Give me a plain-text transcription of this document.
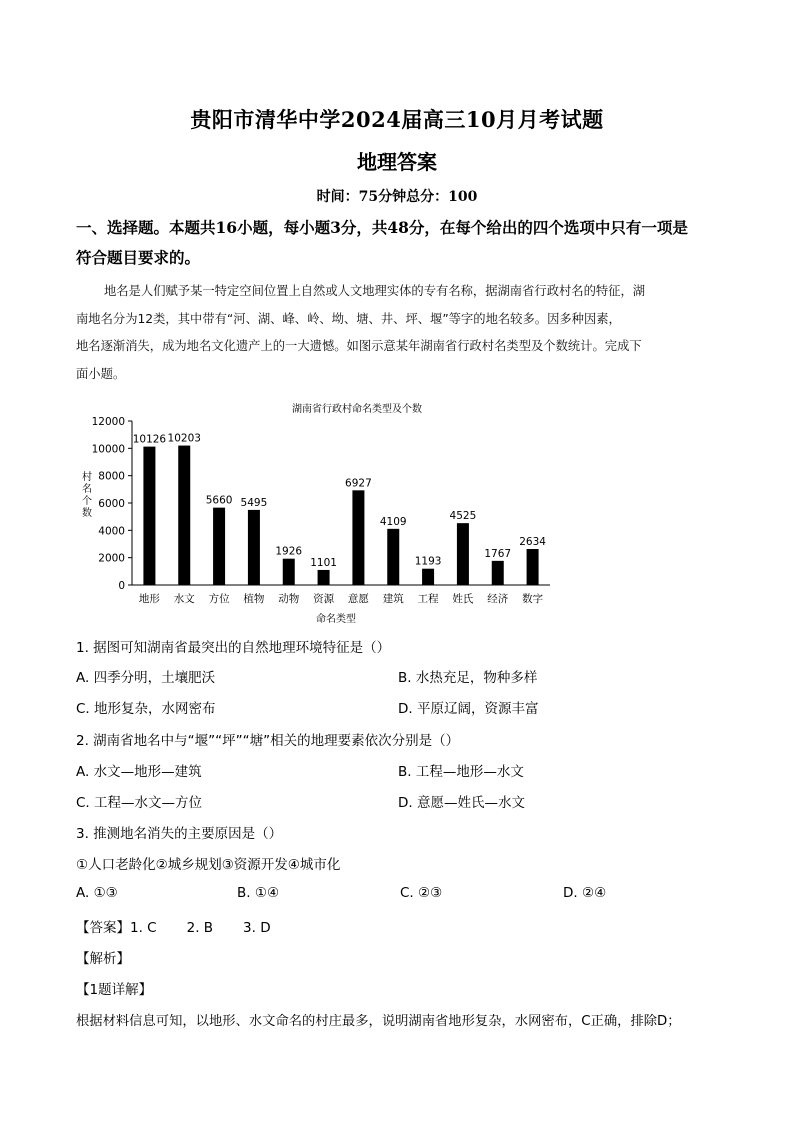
贵阳市清华中学2024届高三10月月考试题
地理答案
时间：75分钟总分：100
一、选择题。本题共16小题，每小题3分，共48分，在每个给出的四个选项中只有一项是
符合题目要求的。
地名是人们赋予某一特定空间位置上自然或人文地理实体的专有名称，据湖南省行政村名的特征，湖
南地名分为12类，其中带有“河、湖、峰、岭、坳、塘、井、坪、堰”等字的地名较多。因多种因素，
地名逐渐消失，成为地名文化遗产上的一大遗憾。如图示意某年湖南省行政村名类型及个数统计。完成下
面小题。
湖南省行政村命名类型及个数
0
2000
4000
6000
8000
10000
12000
村名个数
命名类型
10126
地形
10203
水文
5660
方位
5495
植物
1926
动物
1101
资源
6927
意愿
4109
建筑
1193
工程
4525
姓氏
1767
经济
2634
数字
1. 据图可知湖南省最突出的自然地理环境特征是（）
A. 四季分明，土壤肥沃	B. 水热充足，物种多样
C. 地形复杂，水网密布	D. 平原辽阔，资源丰富
2. 湖南省地名中与“堰”“坪”“塘”相关的地理要素依次分别是（）
A. 水文—地形—建筑	B. 工程—地形—水文
C. 工程—水文—方位	D. 意愿—姓氏—水文
3. 推测地名消失的主要原因是（）
①人口老龄化②城乡规划③资源开发④城市化
A. ①③	B. ①④	C. ②③	D. ②④
【答案】1. C 2. B 3. D
【解析】
【1题详解】
根据材料信息可知，以地形、水文命名的村庄最多，说明湖南省地形复杂，水网密布，C正确，排除D；
